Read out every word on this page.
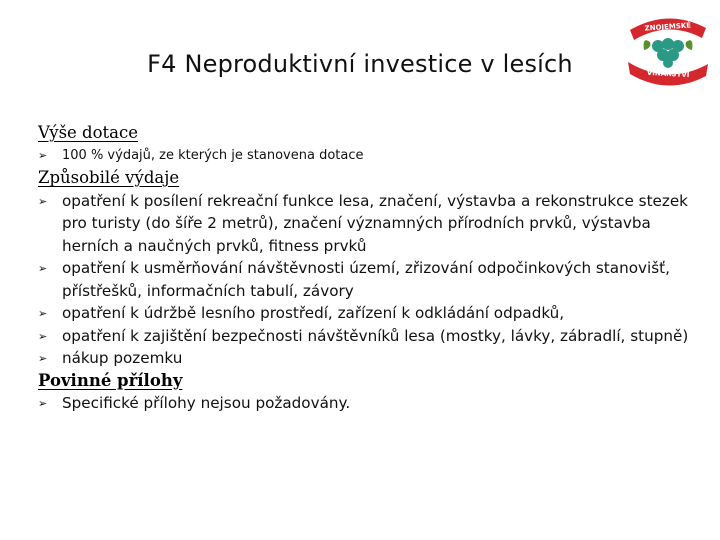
F4 Neproduktivní investice v lesích
ZNOJEMSKÉ
VINAŘSTVÍ
Výše dotace
➢ 100 % výdajů, ze kterých je stanovena dotace
Způsobilé výdaje
➢ opatření k posílení rekreační funkce lesa, značení, výstavba a rekonstrukce stezek pro turisty (do šíře 2 metrů), značení významných přírodních prvků, výstavba herních a naučných prvků, fitness prvků
➢ opatření k usměrňování návštěvnosti území, zřizování odpočinkových stanovišť, přístřešků, informačních tabulí, závory
➢ opatření k údržbě lesního prostředí, zařízení k odkládání odpadků,
➢ opatření k zajištění bezpečnosti návštěvníků lesa (mostky, lávky, zábradlí, stupně)
➢ nákup pozemku
Povinné přílohy
➢ Specifické přílohy nejsou požadovány.
